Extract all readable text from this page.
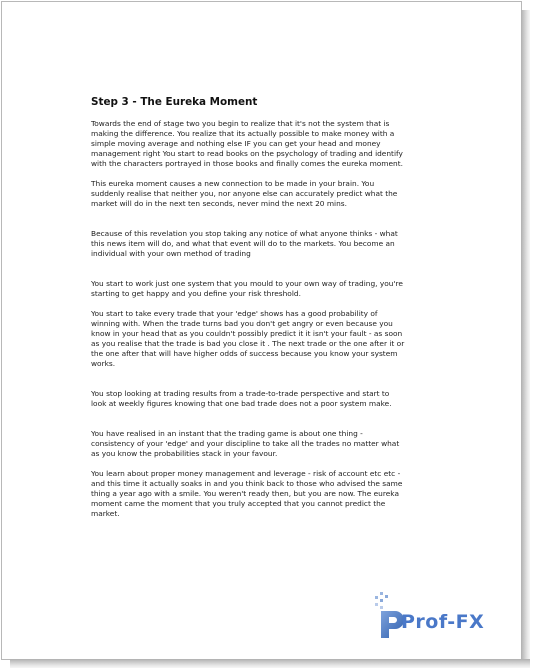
Step 3 - The Eureka Moment

Towards the end of stage two you begin to realize that it's not the system that is
making the difference. You realize that its actually possible to make money with a
simple moving average and nothing else IF you can get your head and money
management right You start to read books on the psychology of trading and identify
with the characters portrayed in those books and finally comes the eureka moment.

This eureka moment causes a new connection to be made in your brain. You
suddenly realise that neither you, nor anyone else can accurately predict what the
market will do in the next ten seconds, never mind the next 20 mins.

Because of this revelation you stop taking any notice of what anyone thinks - what
this news item will do, and what that event will do to the markets. You become an
individual with your own method of trading

You start to work just one system that you mould to your own way of trading, you're
starting to get happy and you define your risk threshold.

You start to take every trade that your 'edge' shows has a good probability of
winning with. When the trade turns bad you don't get angry or even because you
know in your head that as you couldn't possibly predict it it isn't your fault - as soon
as you realise that the trade is bad you close it . The next trade or the one after it or
the one after that will have higher odds of success because you know your system
works.

You stop looking at trading results from a trade-to-trade perspective and start to
look at weekly figures knowing that one bad trade does not a poor system make.

You have realised in an instant that the trading game is about one thing -
consistency of your 'edge' and your discipline to take all the trades no matter what
as you know the probabilities stack in your favour.

You learn about proper money management and leverage - risk of account etc etc -
and this time it actually soaks in and you think back to those who advised the same
thing a year ago with a smile. You weren't ready then, but you are now. The eureka
moment came the moment that you truly accepted that you cannot predict the
market.

Prof-FX
